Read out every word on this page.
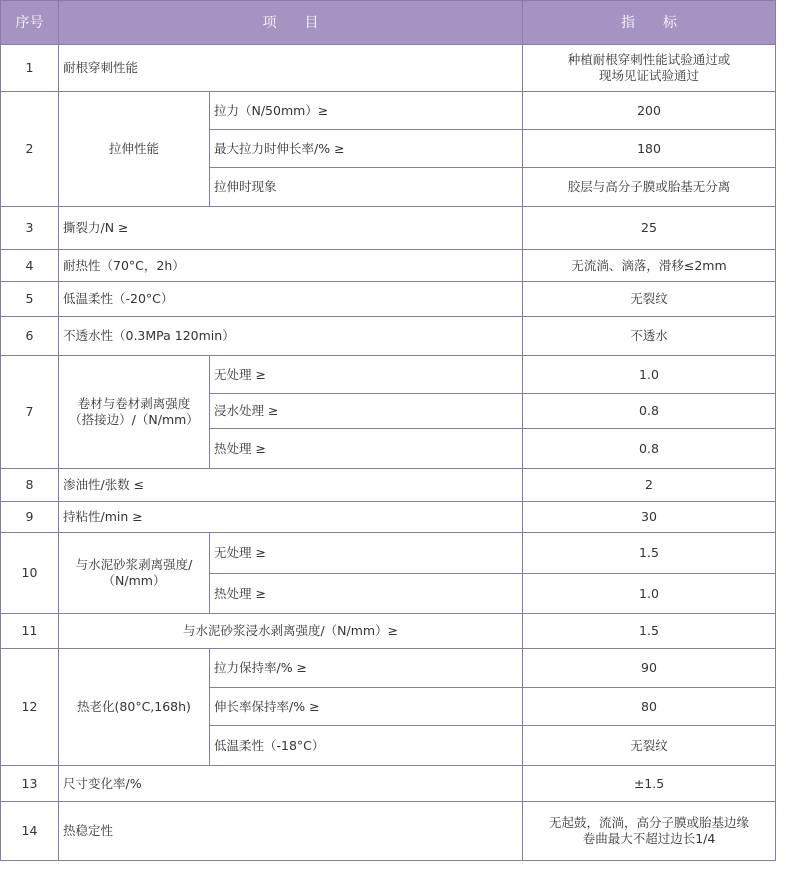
序号	项　　目		指　　标
1	耐根穿刺性能		种植耐根穿刺性能试验通过或
现场见证试验通过
2	拉伸性能	拉力（N/50mm）≥	200
		最大拉力时伸长率/% ≥	180
		拉伸时现象	胶层与高分子膜或胎基无分离
3	撕裂力/N ≥		25
4	耐热性（70°C，2h）		无流淌、滴落，滑移≤2mm
5	低温柔性（-20°C）		无裂纹
6	不透水性（0.3MPa 120min）		不透水
7	卷材与卷材剥离强度
（搭接边）/（N/mm）	无处理 ≥	1.0
		浸水处理 ≥	0.8
		热处理 ≥	0.8
8	渗油性/张数 ≤		2
9	持粘性/min ≥		30
10	与水泥砂浆剥离强度/
（N/mm）	无处理 ≥	1.5
		热处理 ≥	1.0
11	与水泥砂浆浸水剥离强度/（N/mm）≥		1.5
12	热老化(80°C,168h)	拉力保持率/% ≥	90
		伸长率保持率/% ≥	80
		低温柔性（-18°C）	无裂纹
13	尺寸变化率/%		±1.5
14	热稳定性		无起鼓，流淌，高分子膜或胎基边缘
卷曲最大不超过边长1/4
